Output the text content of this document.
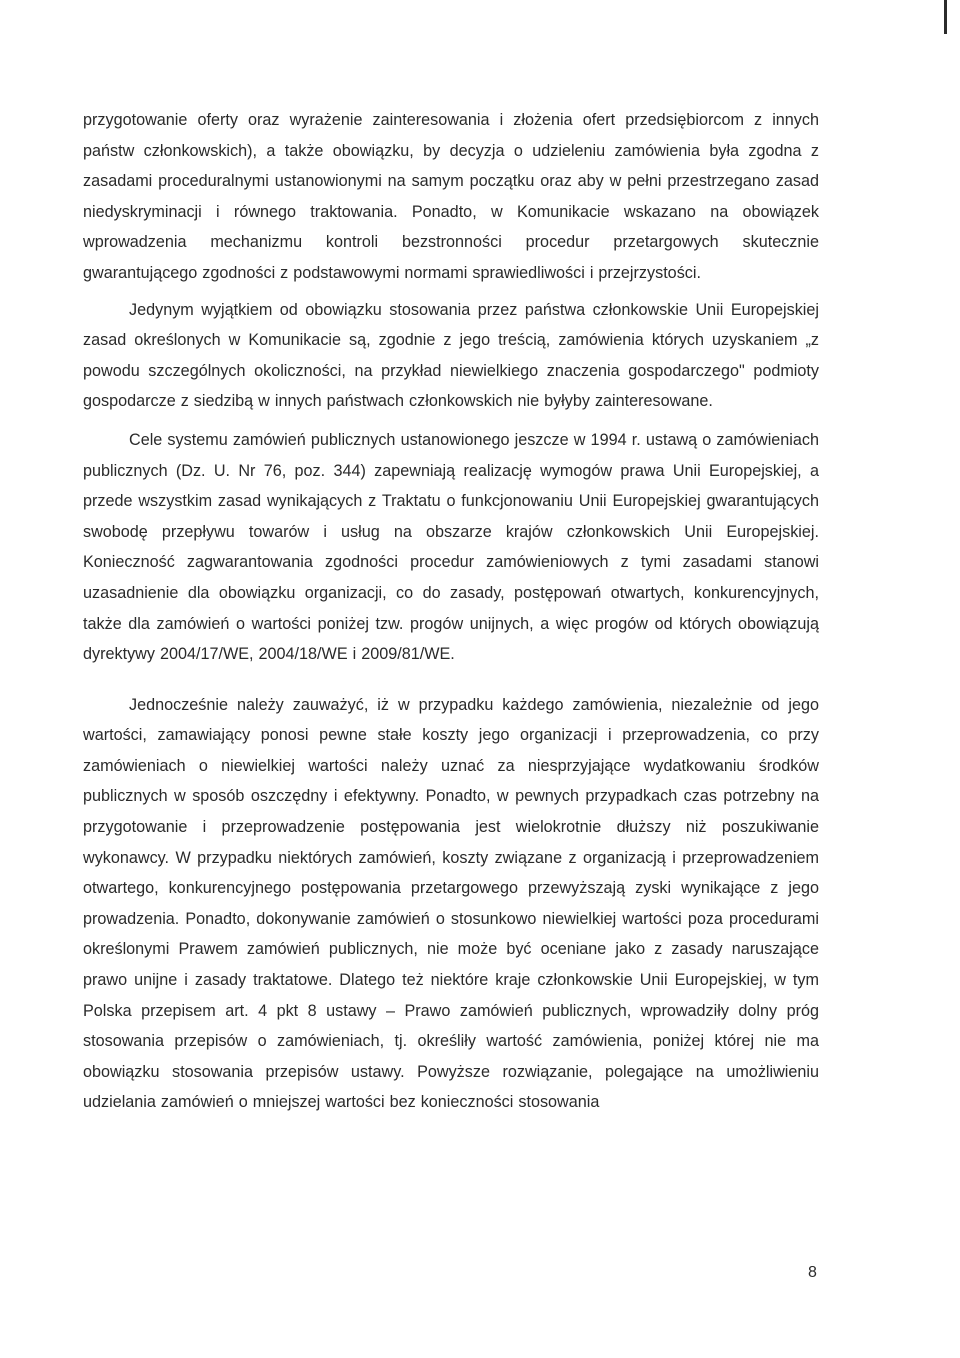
przygotowanie oferty oraz wyrażenie zainteresowania i złożenia ofert przedsiębiorcom z innych państw członkowskich), a także obowiązku, by decyzja o udzieleniu zamówienia była zgodna z zasadami proceduralnymi ustanowionymi na samym początku oraz aby w pełni przestrzegano zasad niedyskryminacji i równego traktowania. Ponadto, w Komunikacie wskazano na obowiązek wprowadzenia mechanizmu kontroli bezstronności procedur przetargowych skutecznie gwarantującego zgodności z podstawowymi normami sprawiedliwości i przejrzystości.

Jedynym wyjątkiem od obowiązku stosowania przez państwa członkowskie Unii Europejskiej zasad określonych w Komunikacie są, zgodnie z jego treścią, zamówienia których uzyskaniem „z powodu szczególnych okoliczności, na przykład niewielkiego znaczenia gospodarczego" podmioty gospodarcze z siedzibą w innych państwach członkowskich nie byłyby zainteresowane.

Cele systemu zamówień publicznych ustanowionego jeszcze w 1994 r. ustawą o zamówieniach publicznych (Dz. U. Nr 76, poz. 344) zapewniają realizację wymogów prawa Unii Europejskiej, a przede wszystkim zasad wynikających z Traktatu o funkcjonowaniu Unii Europejskiej gwarantujących swobodę przepływu towarów i usług na obszarze krajów członkowskich Unii Europejskiej. Konieczność zagwarantowania zgodności procedur zamówieniowych z tymi zasadami stanowi uzasadnienie dla obowiązku organizacji, co do zasady, postępowań otwartych, konkurencyjnych, także dla zamówień o wartości poniżej tzw. progów unijnych, a więc progów od których obowiązują dyrektywy 2004/17/WE, 2004/18/WE i 2009/81/WE.

Jednocześnie należy zauważyć, iż w przypadku każdego zamówienia, niezależnie od jego wartości, zamawiający ponosi pewne stałe koszty jego organizacji i przeprowadzenia, co przy zamówieniach o niewielkiej wartości należy uznać za niesprzyjające wydatkowaniu środków publicznych w sposób oszczędny i efektywny. Ponadto, w pewnych przypadkach czas potrzebny na przygotowanie i przeprowadzenie postępowania jest wielokrotnie dłuższy niż poszukiwanie wykonawcy. W przypadku niektórych zamówień, koszty związane z organizacją i przeprowadzeniem otwartego, konkurencyjnego postępowania przetargowego przewyższają zyski wynikające z jego prowadzenia. Ponadto, dokonywanie zamówień o stosunkowo niewielkiej wartości poza procedurami określonymi Prawem zamówień publicznych, nie może być oceniane jako z zasady naruszające prawo unijne i zasady traktatowe. Dlatego też niektóre kraje członkowskie Unii Europejskiej, w tym Polska przepisem art. 4 pkt 8 ustawy – Prawo zamówień publicznych, wprowadziły dolny próg stosowania przepisów o zamówieniach, tj. określiły wartość zamówienia, poniżej której nie ma obowiązku stosowania przepisów ustawy. Powyższe rozwiązanie, polegające na umożliwieniu udzielania zamówień o mniejszej wartości bez konieczności stosowania

8
